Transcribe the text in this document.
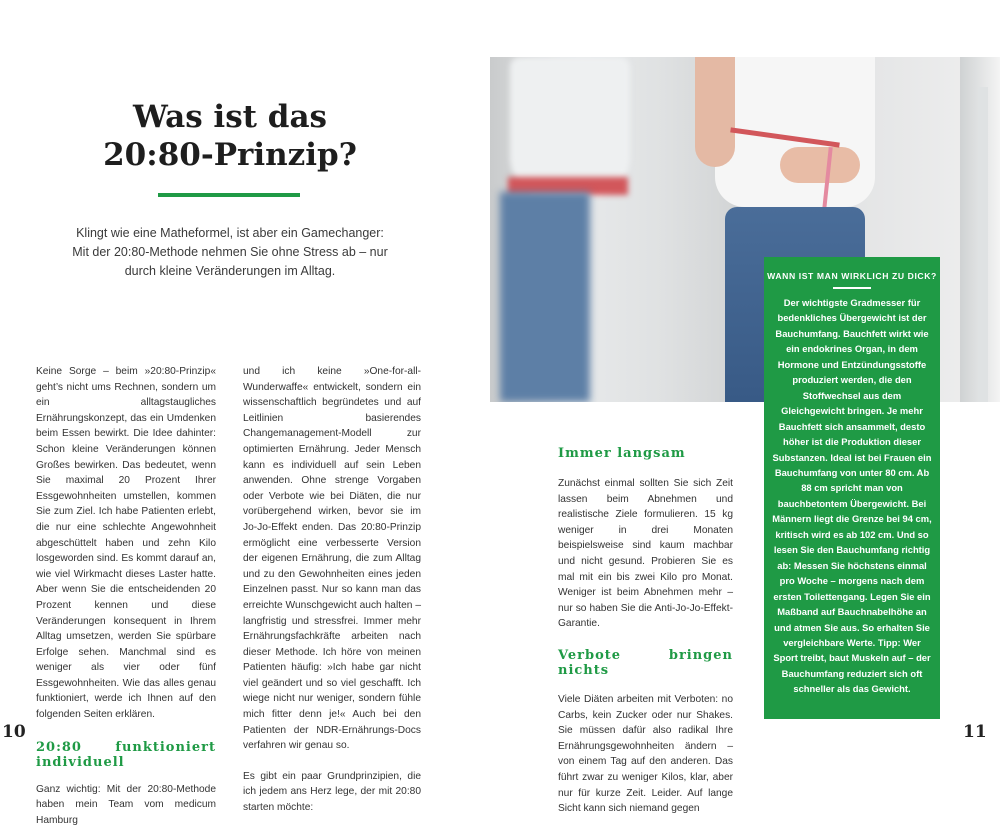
Was ist das
20:80-Prinzip?

Klingt wie eine Matheformel, ist aber ein Gamechanger: Mit der 20:80-Methode nehmen Sie ohne Stress ab – nur durch kleine Veränderungen im Alltag.

Keine Sorge – beim »20:80-Prinzip« geht’s nicht ums Rechnen, sondern um ein alltagstaugliches Ernährungskonzept, das ein Umdenken beim Essen bewirkt. Die Idee dahinter: Schon kleine Veränderungen können Großes bewirken. Das bedeutet, wenn Sie maximal 20 Prozent Ihrer Essgewohnheiten umstellen, kommen Sie zum Ziel. Ich habe Patienten erlebt, die nur eine schlechte Angewohnheit abgeschüttelt haben und zehn Kilo losgeworden sind. Es kommt darauf an, wie viel Wirkmacht dieses Laster hatte. Aber wenn Sie die entscheidenden 20 Prozent kennen und diese Veränderungen konsequent in Ihrem Alltag umsetzen, werden Sie spürbare Erfolge sehen. Manchmal sind es weniger als vier oder fünf Essgewohnheiten. Wie das alles genau funktioniert, werde ich Ihnen auf den folgenden Seiten erklären.

20:80 funktioniert individuell

Ganz wichtig: Mit der 20:80-Methode haben mein Team vom medicum Hamburg

und ich keine »One-for-all-Wunderwaffe« entwickelt, sondern ein wissenschaftlich begründetes und auf Leitlinien basierendes Changemanagement-Modell zur optimierten Ernährung. Jeder Mensch kann es individuell auf sein Leben anwenden. Ohne strenge Vorgaben oder Verbote wie bei Diäten, die nur vorübergehend wirken, bevor sie im Jo-Jo-Effekt enden. Das 20:80-Prinzip ermöglicht eine verbesserte Version der eigenen Ernährung, die zum Alltag und zu den Gewohnheiten eines jeden Einzelnen passt. Nur so kann man das erreichte Wunschgewicht auch halten – langfristig und stressfrei. Immer mehr Ernährungsfachkräfte arbeiten nach dieser Methode. Ich höre von meinen Patienten häufig: »Ich habe gar nicht viel geändert und so viel geschafft. Ich wiege nicht nur weniger, sondern fühle mich fitter denn je!« Auch bei den Patienten der NDR-Ernährungs-Docs verfahren wir genau so.

Es gibt ein paar Grundprinzipien, die ich jedem ans Herz lege, der mit 20:80 starten möchte:

10
Immer langsam

Zunächst einmal sollten Sie sich Zeit lassen beim Abnehmen und realistische Ziele formulieren. 15 kg weniger in drei Monaten beispielsweise sind kaum machbar und nicht gesund. Probieren Sie es mal mit ein bis zwei Kilo pro Monat. Weniger ist beim Abnehmen mehr – nur so haben Sie die Anti-Jo-Jo-Effekt-Garantie.

Verbote bringen nichts

Viele Diäten arbeiten mit Verboten: no Carbs, kein Zucker oder nur Shakes. Sie müssen dafür also radikal Ihre Ernährungsgewohnheiten ändern – von einem Tag auf den anderen. Das führt zwar zu weniger Kilos, klar, aber nur für kurze Zeit. Leider. Auf lange Sicht kann sich niemand gegen

WANN IST MAN WIRKLICH ZU DICK?

Der wichtigste Gradmesser für bedenkliches Übergewicht ist der Bauchumfang. Bauchfett wirkt wie ein endokrines Organ, in dem Hormone und Entzündungsstoffe produziert werden, die den Stoffwechsel aus dem Gleichgewicht bringen. Je mehr Bauchfett sich ansammelt, desto höher ist die Produktion dieser Substanzen. Ideal ist bei Frauen ein Bauchumfang von unter 80 cm. Ab 88 cm spricht man von bauchbetontem Übergewicht. Bei Männern liegt die Grenze bei 94 cm, kritisch wird es ab 102 cm. Und so lesen Sie den Bauchumfang richtig ab: Messen Sie höchstens einmal pro Woche – morgens nach dem ersten Toilettengang. Legen Sie ein Maßband auf Bauchnabelhöhe an und atmen Sie aus. So erhalten Sie vergleichbare Werte. Tipp: Wer Sport treibt, baut Muskeln auf – der Bauchumfang reduziert sich oft schneller als das Gewicht.

11
